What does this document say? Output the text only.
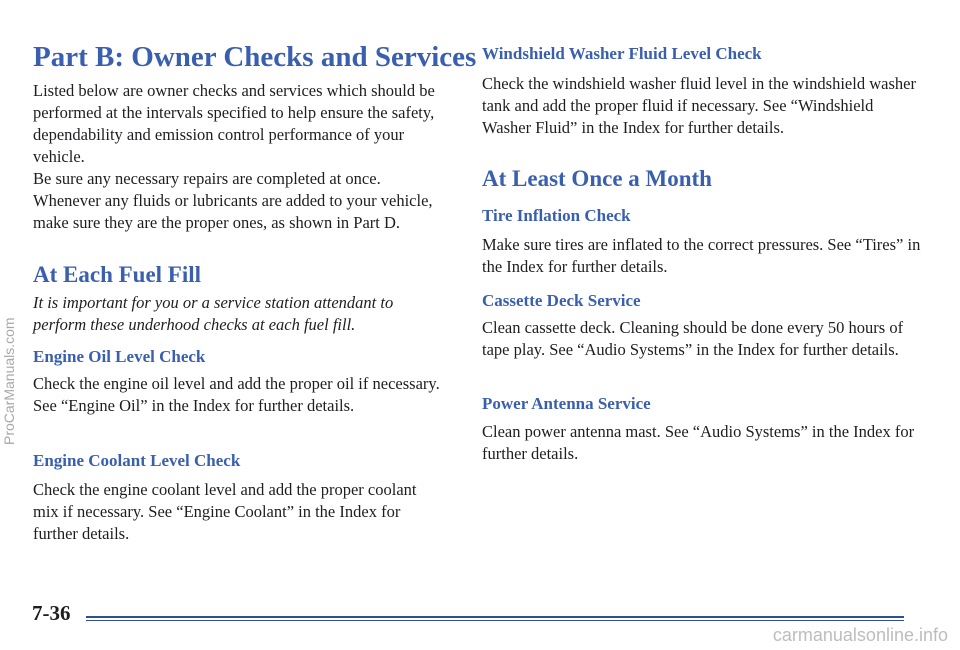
Part B: Owner Checks and Services

Listed below are owner checks and services which should be performed at the intervals specified to help ensure the safety, dependability and emission control performance of your vehicle.

Be sure any necessary repairs are completed at once. Whenever any fluids or lubricants are added to your vehicle, make sure they are the proper ones, as shown in Part D.

At Each Fuel Fill

It is important for you or a service station attendant to perform these underhood checks at each fuel fill.

Engine Oil Level Check

Check the engine oil level and add the proper oil if necessary. See “Engine Oil” in the Index for further details.

Engine Coolant Level Check

Check the engine coolant level and add the proper coolant mix if necessary. See “Engine Coolant” in the Index for further details.

Windshield Washer Fluid Level Check

Check the windshield washer fluid level in the windshield washer tank and add the proper fluid if necessary. See “Windshield Washer Fluid” in the Index for further details.

At Least Once a Month
Tire Inflation Check

Make sure tires are inflated to the correct pressures. See “Tires” in the Index for further details.

Cassette Deck Service

Clean cassette deck. Cleaning should be done every 50 hours of tape play. See “Audio Systems” in the Index for further details.

Power Antenna Service

Clean power antenna mast. See “Audio Systems” in the Index for further details.

7-36
ProCarManuals.com
carmanualsonline.info
